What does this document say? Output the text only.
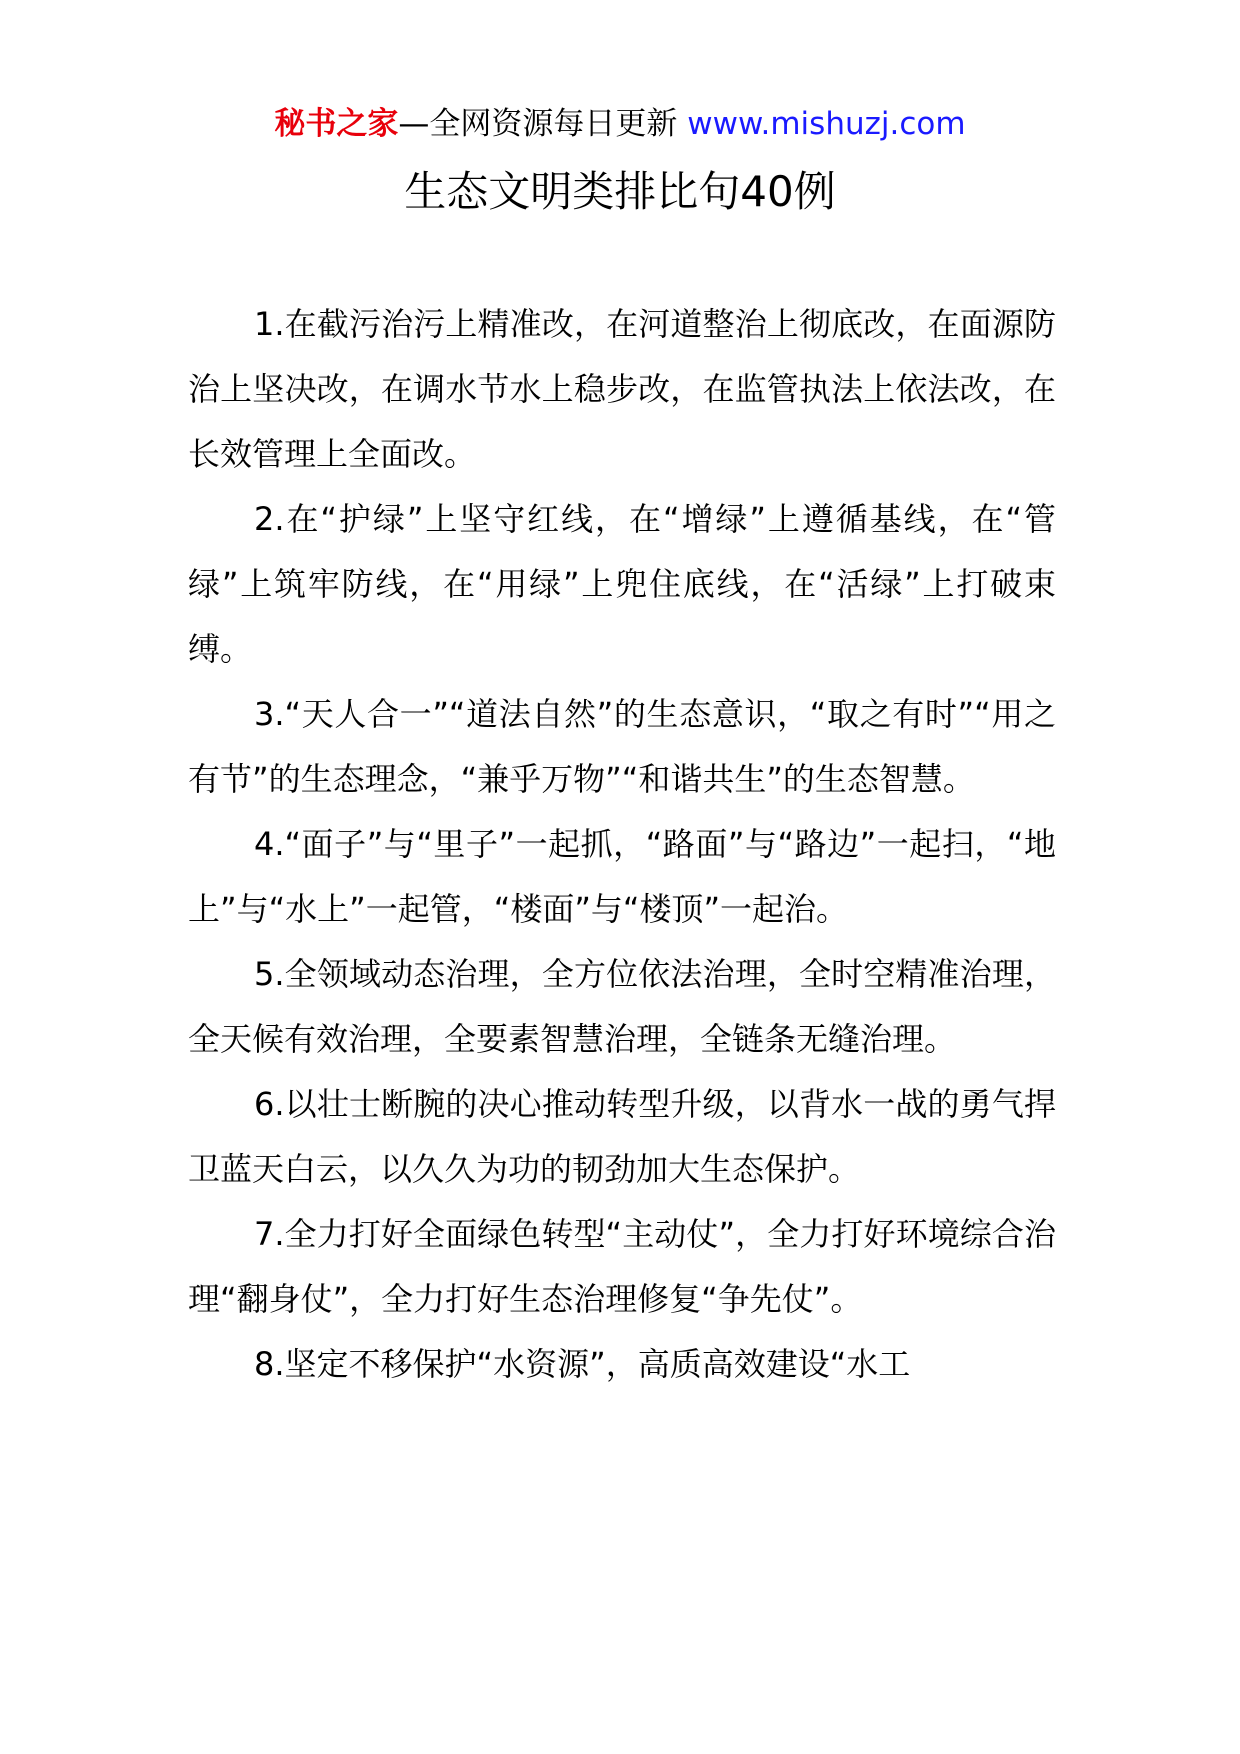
秘书之家—全网资源每日更新 www.mishuzj.com
生态文明类排比句40例

1.在截污治污上精准改，在河道整治上彻底改，在面源防治上坚决改，在调水节水上稳步改，在监管执法上依法改，在长效管理上全面改。

2.在“护绿”上坚守红线，在“增绿”上遵循基线，在“管绿”上筑牢防线，在“用绿”上兜住底线，在“活绿”上打破束缚。

3.“天人合一”“道法自然”的生态意识，“取之有时”“用之有节”的生态理念，“兼乎万物”“和谐共生”的生态智慧。

4.“面子”与“里子”一起抓，“路面”与“路边”一起扫，“地上”与“水上”一起管，“楼面”与“楼顶”一起治。

5.全领域动态治理，全方位依法治理，全时空精准治理，全天候有效治理，全要素智慧治理，全链条无缝治理。

6.以壮士断腕的决心推动转型升级，以背水一战的勇气捍卫蓝天白云，以久久为功的韧劲加大生态保护。

7.全力打好全面绿色转型“主动仗”，全力打好环境综合治理“翻身仗”，全力打好生态治理修复“争先仗”。

8.坚定不移保护“水资源”，高质高效建设“水工
